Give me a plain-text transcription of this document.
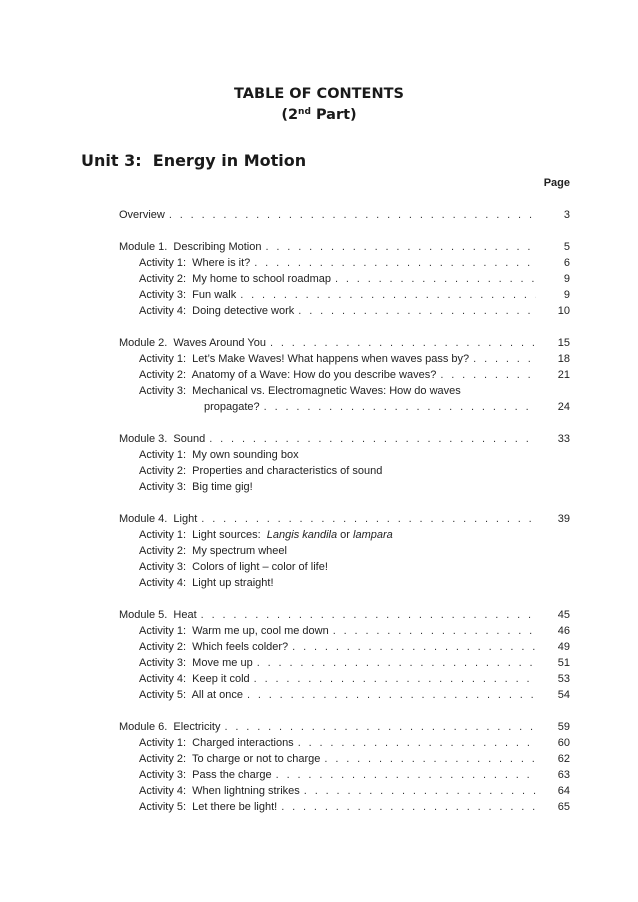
TABLE OF CONTENTS
(2nd Part)
Unit 3:  Energy in Motion
Page
Overview . . .	3
Module 1.  Describing Motion . . .	5
Activity 1:  Where is it? . . .	6
Activity 2:  My home to school roadmap . . .	9
Activity 3:  Fun walk . . .	9
Activity 4:  Doing detective work . . .	10
Module 2.  Waves Around You . . .	15
Activity 1:  Let’s Make Waves! What happens when waves pass by? . . .	18
Activity 2:  Anatomy of a Wave: How do you describe waves? . . .	21
Activity 3:  Mechanical vs. Electromagnetic Waves: How do waves
propagate? . . .	24
Module 3.  Sound . . .	33
Activity 1:  My own sounding box
Activity 2:  Properties and characteristics of sound
Activity 3:  Big time gig!
Module 4.  Light . . .	39
Activity 1:  Light sources:  Langis kandila or lampara
Activity 2:  My spectrum wheel
Activity 3:  Colors of light – color of life!
Activity 4:  Light up straight!
Module 5.  Heat . . .	45
Activity 1:  Warm me up, cool me down . . .	46
Activity 2:  Which feels colder? . . .	49
Activity 3:  Move me up . . .	51
Activity 4:  Keep it cold . . .	53
Activity 5:  All at once . . .	54
Module 6.  Electricity . . .	59
Activity 1:  Charged interactions . . .	60
Activity 2:  To charge or not to charge . . .	62
Activity 3:  Pass the charge . . .	63
Activity 4:  When lightning strikes . . .	64
Activity 5:  Let there be light! . . .	65
